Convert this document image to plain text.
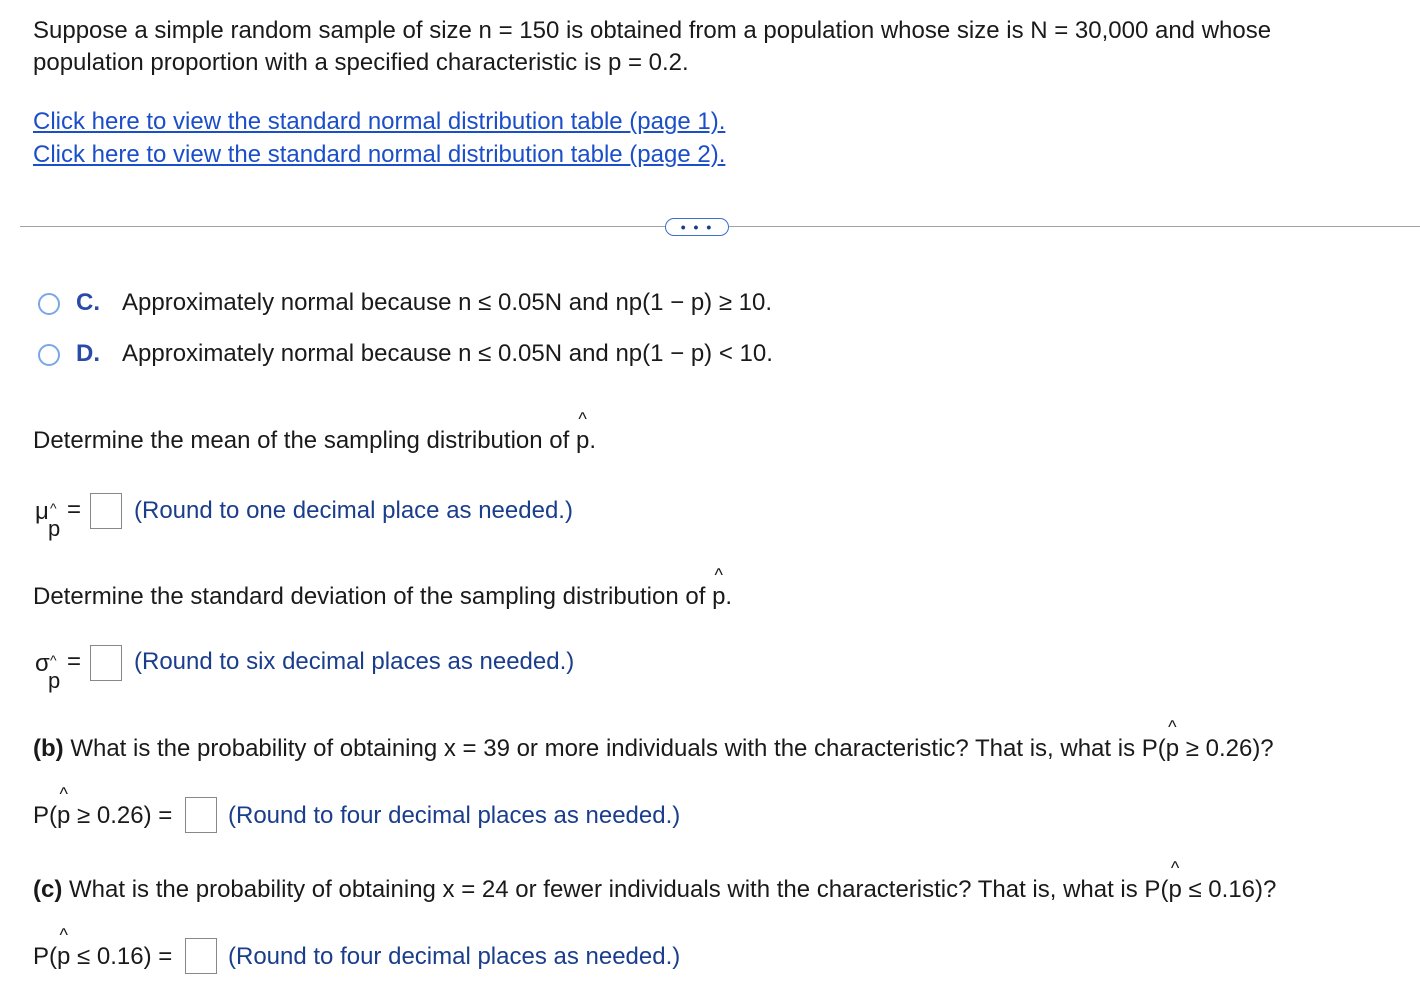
Suppose a simple random sample of size n = 150 is obtained from a population whose size is N = 30,000 and whose
population proportion with a specified characteristic is p = 0.2.
Click here to view the standard normal distribution table (page 1).
Click here to view the standard normal distribution table (page 2).
• • •
C. Approximately normal because n ≤ 0.05N and np(1 − p) ≥ 10.
D. Approximately normal because n ≤ 0.05N and np(1 − p) < 10.
Determine the mean of the sampling distribution of ^ p.
μ ^
p
= (Round to one decimal place as needed.)
Determine the standard deviation of the sampling distribution of ^ p.
σ ^
p
= (Round to six decimal places as needed.)
(b) What is the probability of obtaining x = 39 or more individuals with the characteristic? That is, what is P(^ p ≥ 0.26)?
P(^ p ≥ 0.26) = (Round to four decimal places as needed.)
(c) What is the probability of obtaining x = 24 or fewer individuals with the characteristic? That is, what is P(^ p ≤ 0.16)?
P(^ p ≤ 0.16) = (Round to four decimal places as needed.)
